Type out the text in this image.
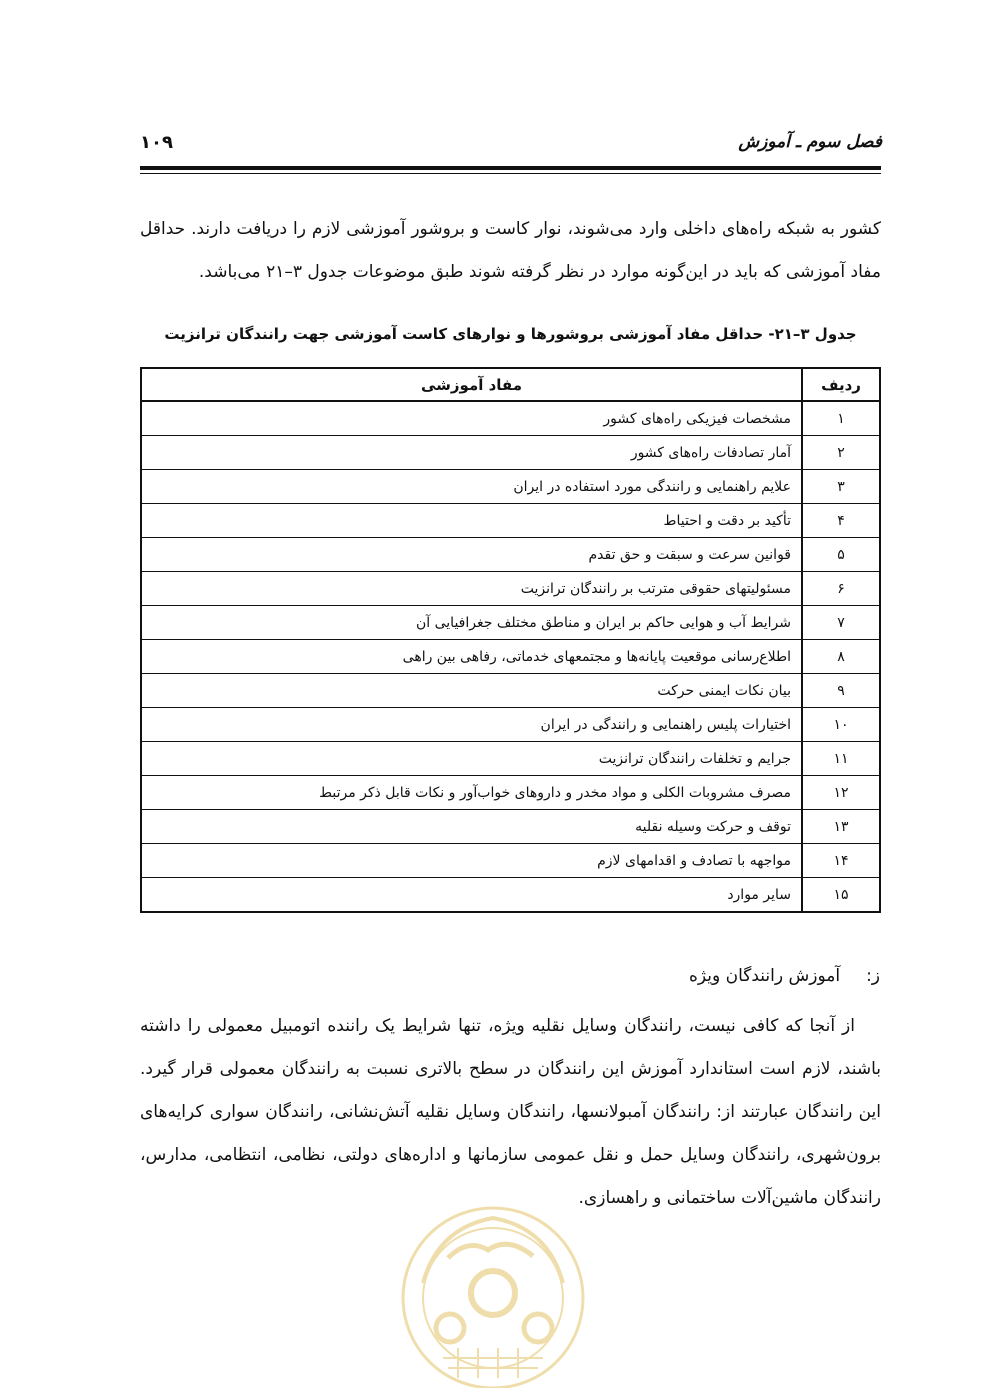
فصل سوم ـ آموزش
۱۰۹

کشور به شبکه راه‌های داخلی وارد می‌شوند، نوار کاست و بروشور آموزشی لازم را دریافت دارند. حداقل مفاد آموزشی که باید در این‌گونه موارد در نظر گرفته شوند طبق موضوعات جدول ۳–۲۱ می‌باشد.

جدول ۳–۲۱- حداقل مفاد آموزشی بروشورها و نوارهای کاست آموزشی جهت رانندگان ترانزیت
ردیف	مفاد آموزشی
۱	مشخصات فیزیکی راه‌های کشور
۲	آمار تصادفات راه‌های کشور
۳	علایم راهنمایی و رانندگی مورد استفاده در ایران
۴	تأکید بر دقت و احتیاط
۵	قوانین سرعت و سبقت و حق تقدم
۶	مسئولیتهای حقوقی مترتب بر رانندگان ترانزیت
۷	شرایط آب و هوایی حاکم بر ایران و مناطق مختلف جغرافیایی آن
۸	اطلاع‌رسانی موقعیت پایانه‌ها و مجتمعهای خدماتی، رفاهی بین راهی
۹	بیان نکات ایمنی حرکت
۱۰	اختیارات پلیس راهنمایی و رانندگی در ایران
۱۱	جرایم و تخلفات رانندگان ترانزیت
۱۲	مصرف مشروبات الکلی و مواد مخدر و داروهای خواب‌آور و نکات قابل ذکر مرتبط
۱۳	توقف و حرکت وسیله نقلیه
۱۴	مواجهه با تصادف و اقدامهای لازم
۱۵	سایر موارد
ز:آموزش رانندگان ویژه

از آنجا که کافی نیست، رانندگان وسایل نقلیه ویژه، تنها شرایط یک راننده اتومبیل معمولی را داشته باشند، لازم است استاندارد آموزش این رانندگان در سطح بالاتری نسبت به رانندگان معمولی قرار گیرد. این رانندگان عبارتند از: رانندگان آمبولانسها، رانندگان وسایل نقلیه آتش‌نشانی، رانندگان سواری کرایه‌های برون‌شهری، رانندگان وسایل حمل و نقل عمومی سازمانها و اداره‌های دولتی، نظامی، انتظامی، مدارس، رانندگان ماشین‌آلات ساختمانی و راهسازی.
